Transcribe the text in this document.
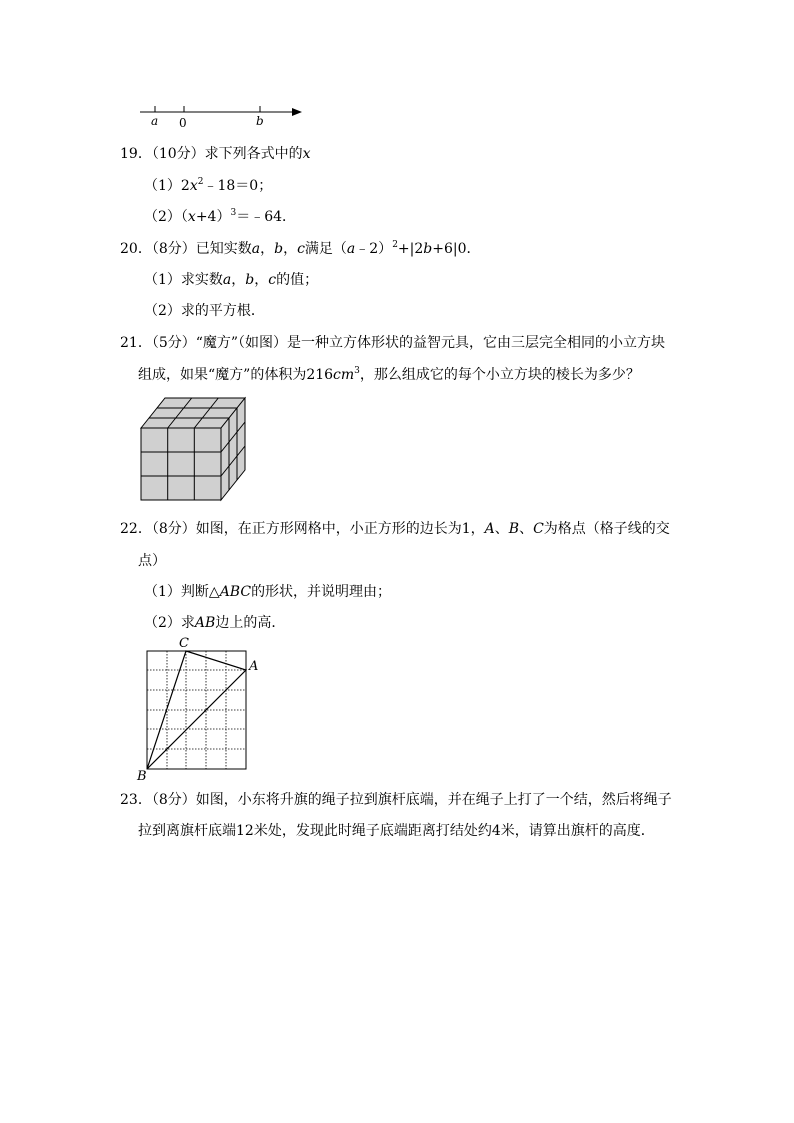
a 0	b
19．（10分）求下列各式中的x
$(1)2x^2﹣18=0$；
$(2)(x+4)^3=﹣64$．
20．（8分）已知实数a，b，c满足（a﹣2）$^2$+|2b+6|0．
（1）求实数a，b，c的值；
（2）求的平方根．
21．（5分）“魔方”（如图）是一种立方体形状的益智元具，它由三层完全相同的小立方块
组成，如果“魔方”的体积为$216cm^3$，那么组成它的每个小立方块的棱长为多少？
22．（8分）如图，在正方形网格中，小正方形的边长为1，A、B、C为格点（格子线的交
点）
（1）判断△ABC的形状，并说明理由；
（2）求AB边上的高．
C
A
B
23．（8分）如图，小东将升旗的绳子拉到旗杆底端，并在绳子上打了一个结，然后将绳子
拉到离旗杆底端12米处，发现此时绳子底端距离打结处约4米，请算出旗杆的高度．
